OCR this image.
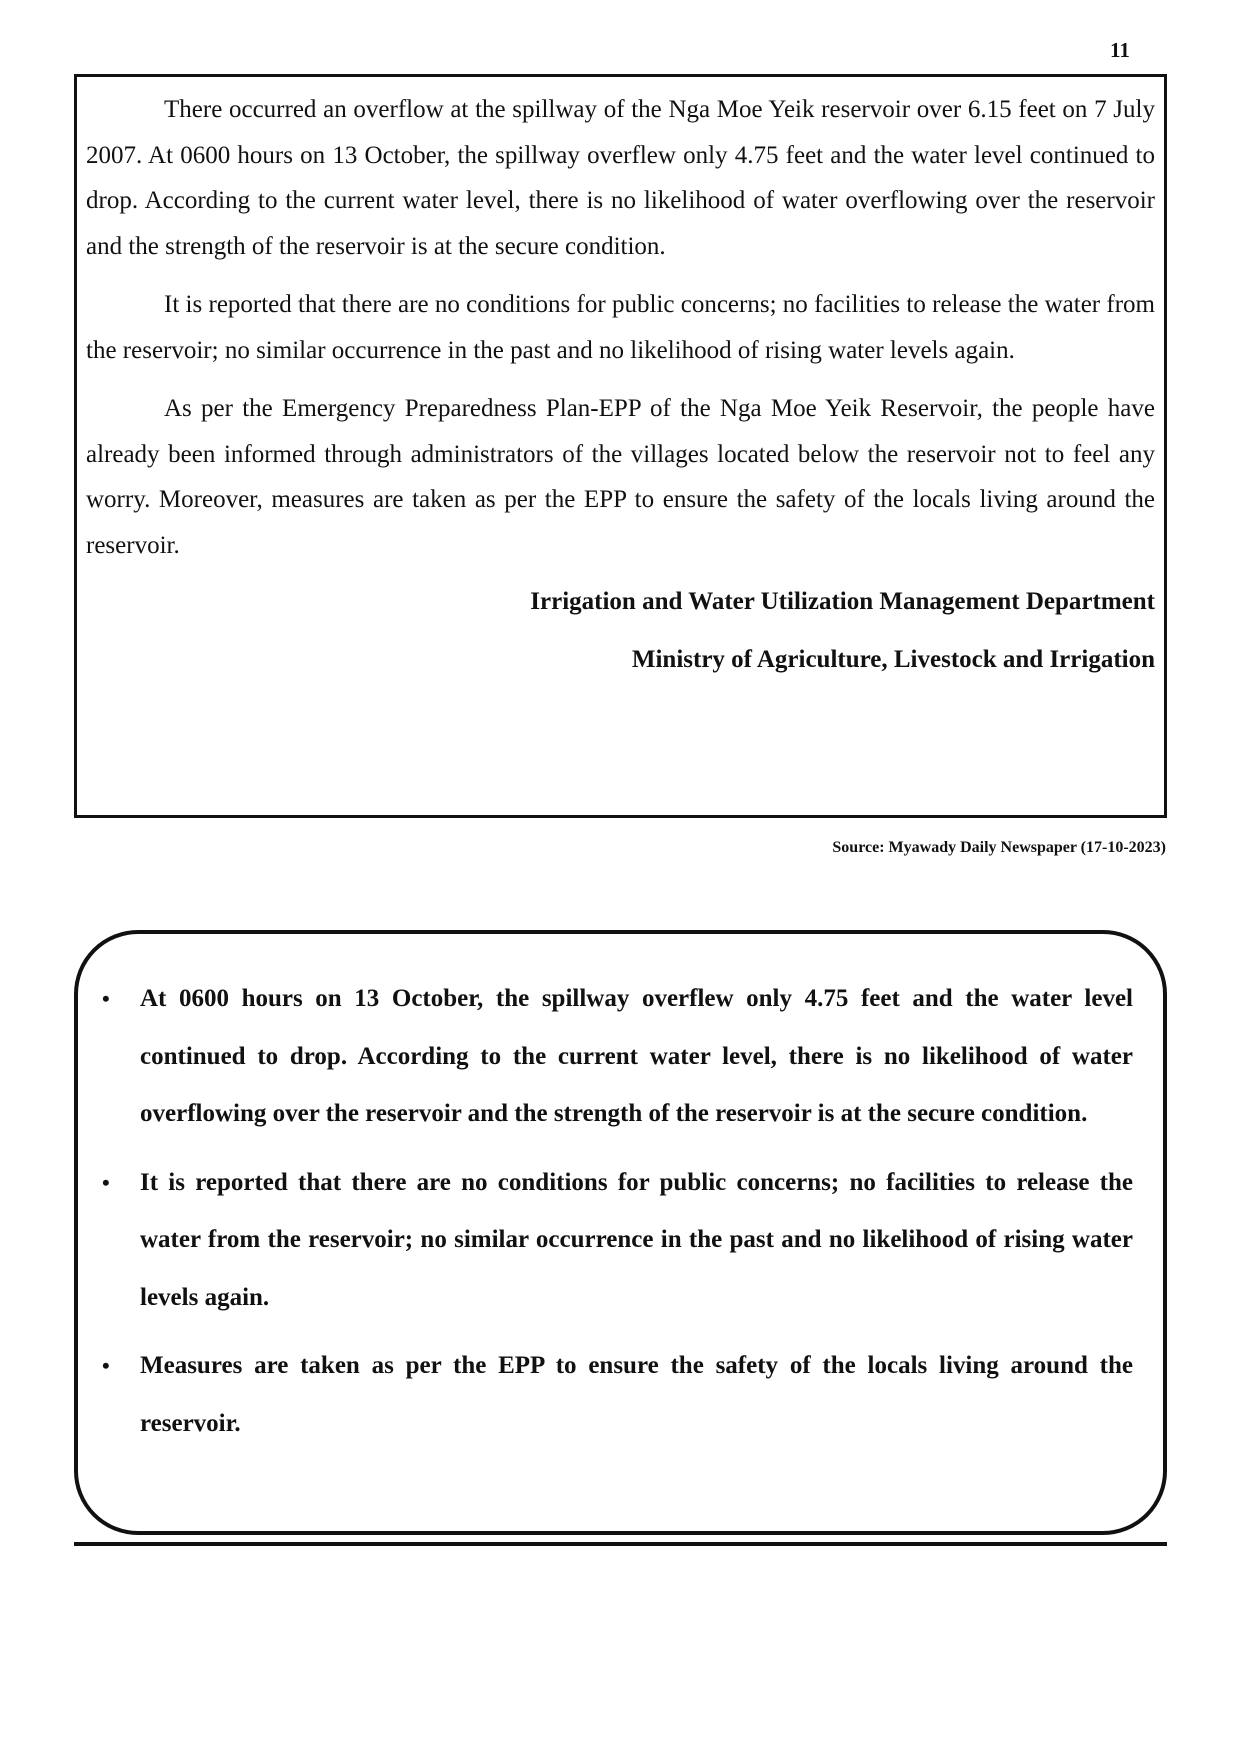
11

There occurred an overflow at the spillway of the Nga Moe Yeik reservoir over 6.15 feet on 7 July 2007. At 0600 hours on 13 October, the spillway overflew only 4.75 feet and the water level continued to drop. According to the current water level, there is no likelihood of water overflowing over the reservoir and the strength of the reservoir is at the secure condition.

It is reported that there are no conditions for public concerns; no facilities to release the water from the reservoir; no similar occurrence in the past and no likelihood of rising water levels again.

As per the Emergency Preparedness Plan-EPP of the Nga Moe Yeik Reservoir, the people have already been informed through administrators of the villages located below the reservoir not to feel any worry. Moreover, measures are taken as per the EPP to ensure the safety of the locals living around the reservoir.

Irrigation and Water Utilization Management Department

Ministry of Agriculture, Livestock and Irrigation

Source: Myawady Daily Newspaper (17-10-2023)
• At 0600 hours on 13 October, the spillway overflew only 4.75 feet and the water level continued to drop. According to the current water level, there is no likelihood of water overflowing over the reservoir and the strength of the reservoir is at the secure condition.
• It is reported that there are no conditions for public concerns; no facilities to release the water from the reservoir; no similar occurrence in the past and no likelihood of rising water levels again.
• Measures are taken as per the EPP to ensure the safety of the locals living around the reservoir.
